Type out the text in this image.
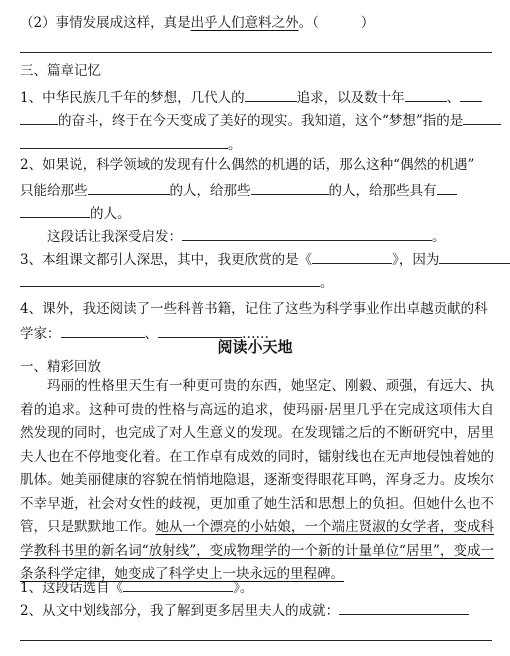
（2）事情发展成这样，真是出乎人们意料之外。（	）
三、篇章记忆
1、中华民族几千年的梦想，几代人的	追求，以及数十年	、
的奋斗，终于在今天变成了美好的现实。我知道，这个“梦想”指的是
。
2、如果说，科学领域的发现有什么偶然的机遇的话，那么这种“偶然的机遇”
只能给那些	的人，给那些	的人，给那些具有
的人。
这段话让我深受启发：	。
3、本组课文都引人深思，其中，我更欣赏的是《	》，因为
。
4、课外，我还阅读了一些科普书籍，记住了这些为科学事业作出卓越贡献的科
学家：	、	……
阅读小天地
一、精彩回放
玛丽的性格里天生有一种更可贵的东西，她坚定、刚毅、顽强，有远大、执着的追求。这种可贵的性格与高远的追求，使玛丽·居里几乎在完成这项伟大自然发现的同时，也完成了对人生意义的发现。在发现镭之后的不断研究中，居里夫人也在不停地变化着。在工作卓有成效的同时，镭射线也在无声地侵蚀着她的肌体。她美丽健康的容貌在悄悄地隐退，逐渐变得眼花耳鸣，浑身乏力。皮埃尔不幸早逝，社会对女性的歧视，更加重了她生活和思想上的负担。但她什么也不管，只是默默地工作。她从一个漂亮的小姑娘，一个端庄贤淑的女学者，变成科学教科书里的新名词“放射线”，变成物理学的一个新的计量单位“居里”，变成一条条科学定律，她变成了科学史上一块永远的里程碑。
1、这段话选自《	》。
2、从文中划线部分，我了解到更多居里夫人的成就：
